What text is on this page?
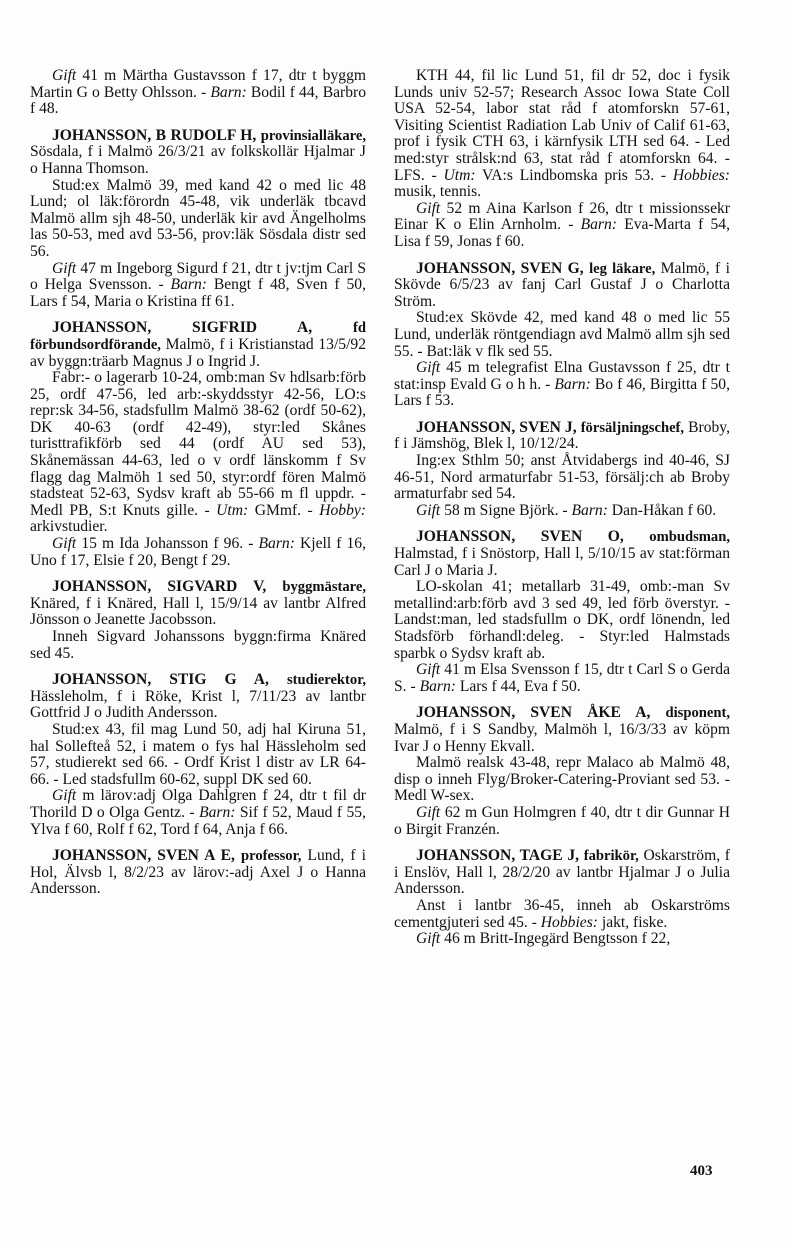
Gift 41 m Märtha Gustavsson f 17, dtr t byggm Martin G o Betty Ohlsson. - Barn: Bodil f 44, Barbro f 48.

JOHANSSON, B RUDOLF H, provinsialläkare, Sösdala, f i Malmö 26/3/21 av folkskollär Hjalmar J o Hanna Thomson.

Stud:ex Malmö 39, med kand 42 o med lic 48 Lund; ol läk:förordn 45-48, vik underläk tbcavd Malmö allm sjh 48-50, underläk kir avd Ängelholms las 50-53, med avd 53-56, prov:läk Sösdala distr sed 56.

Gift 47 m Ingeborg Sigurd f 21, dtr t jv:tjm Carl S o Helga Svensson. - Barn: Bengt f 48, Sven f 50, Lars f 54, Maria o Kristina ff 61.

JOHANSSON, SIGFRID A, fd förbundsordförande, Malmö, f i Kristianstad 13/5/92 av byggn:träarb Magnus J o Ingrid J.

Fabr:- o lagerarb 10-24, omb:man Sv hdlsarb:förb 25, ordf 47-56, led arb:-skyddsstyr 42-56, LO:s repr:sk 34-56, stadsfullm Malmö 38-62 (ordf 50-62), DK 40-63 (ordf 42-49), styr:led Skånes turisttrafikförb sed 44 (ordf AU sed 53), Skånemässan 44-63, led o v ordf länskomm f Sv flagg dag Malmöh 1 sed 50, styr:ordf fören Malmö stadsteat 52-63, Sydsv kraft ab 55-66 m fl uppdr. - Medl PB, S:t Knuts gille. - Utm: GMmf. - Hobby: arkivstudier.

Gift 15 m Ida Johansson f 96. - Barn: Kjell f 16, Uno f 17, Elsie f 20, Bengt f 29.

JOHANSSON, SIGVARD V, byggmästare, Knäred, f i Knäred, Hall l, 15/9/14 av lantbr Alfred Jönsson o Jeanette Jacobsson.

Inneh Sigvard Johanssons byggn:firma Knäred sed 45.

JOHANSSON, STIG G A, studierektor, Hässleholm, f i Röke, Krist l, 7/11/23 av lantbr Gottfrid J o Judith Andersson.

Stud:ex 43, fil mag Lund 50, adj hal Kiruna 51, hal Sollefteå 52, i matem o fys hal Hässleholm sed 57, studierekt sed 66. - Ordf Krist l distr av LR 64-66. - Led stadsfullm 60-62, suppl DK sed 60.

Gift m lärov:adj Olga Dahlgren f 24, dtr t fil dr Thorild D o Olga Gentz. - Barn: Sif f 52, Maud f 55, Ylva f 60, Rolf f 62, Tord f 64, Anja f 66.

JOHANSSON, SVEN A E, professor, Lund, f i Hol, Älvsb l, 8/2/23 av lärov:-adj Axel J o Hanna Andersson.

KTH 44, fil lic Lund 51, fil dr 52, doc i fysik Lunds univ 52-57; Research Assoc Iowa State Coll USA 52-54, labor stat råd f atomforskn 57-61, Visiting Scientist Radiation Lab Univ of Calif 61-63, prof i fysik CTH 63, i kärnfysik LTH sed 64. - Led med:styr strålsk:nd 63, stat råd f atomforskn 64. - LFS. - Utm: VA:s Lindbomska pris 53. - Hobbies: musik, tennis.

Gift 52 m Aina Karlson f 26, dtr t missionssekr Einar K o Elin Arnholm. - Barn: Eva-Marta f 54, Lisa f 59, Jonas f 60.

JOHANSSON, SVEN G, leg läkare, Malmö, f i Skövde 6/5/23 av fanj Carl Gustaf J o Charlotta Ström.

Stud:ex Skövde 42, med kand 48 o med lic 55 Lund, underläk röntgendiagn avd Malmö allm sjh sed 55. - Bat:läk v flk sed 55.

Gift 45 m telegrafist Elna Gustavsson f 25, dtr t stat:insp Evald G o h h. - Barn: Bo f 46, Birgitta f 50, Lars f 53.

JOHANSSON, SVEN J, försäljningschef, Broby, f i Jämshög, Blek l, 10/12/24.

Ing:ex Sthlm 50; anst Åtvidabergs ind 40-46, SJ 46-51, Nord armaturfabr 51-53, försälj:ch ab Broby armaturfabr sed 54.

Gift 58 m Signe Björk. - Barn: Dan-Håkan f 60.

JOHANSSON, SVEN O, ombudsman, Halmstad, f i Snöstorp, Hall l, 5/10/15 av stat:förman Carl J o Maria J.

LO-skolan 41; metallarb 31-49, omb:-man Sv metallind:arb:förb avd 3 sed 49, led förb överstyr. - Landst:man, led stadsfullm o DK, ordf lönendn, led Stadsförb förhandl:deleg. - Styr:led Halmstads sparbk o Sydsv kraft ab.

Gift 41 m Elsa Svensson f 15, dtr t Carl S o Gerda S. - Barn: Lars f 44, Eva f 50.

JOHANSSON, SVEN ÅKE A, disponent, Malmö, f i S Sandby, Malmöh l, 16/3/33 av köpm Ivar J o Henny Ekvall.

Malmö realsk 43-48, repr Malaco ab Malmö 48, disp o inneh Flyg/Broker-Catering-Proviant sed 53. - Medl W-sex.

Gift 62 m Gun Holmgren f 40, dtr t dir Gunnar H o Birgit Franzén.

JOHANSSON, TAGE J, fabrikör, Oskarström, f i Enslöv, Hall l, 28/2/20 av lantbr Hjalmar J o Julia Andersson.

Anst i lantbr 36-45, inneh ab Oskarströms cementgjuteri sed 45. - Hobbies: jakt, fiske.

Gift 46 m Britt-Ingegärd Bengtsson f 22,

403
